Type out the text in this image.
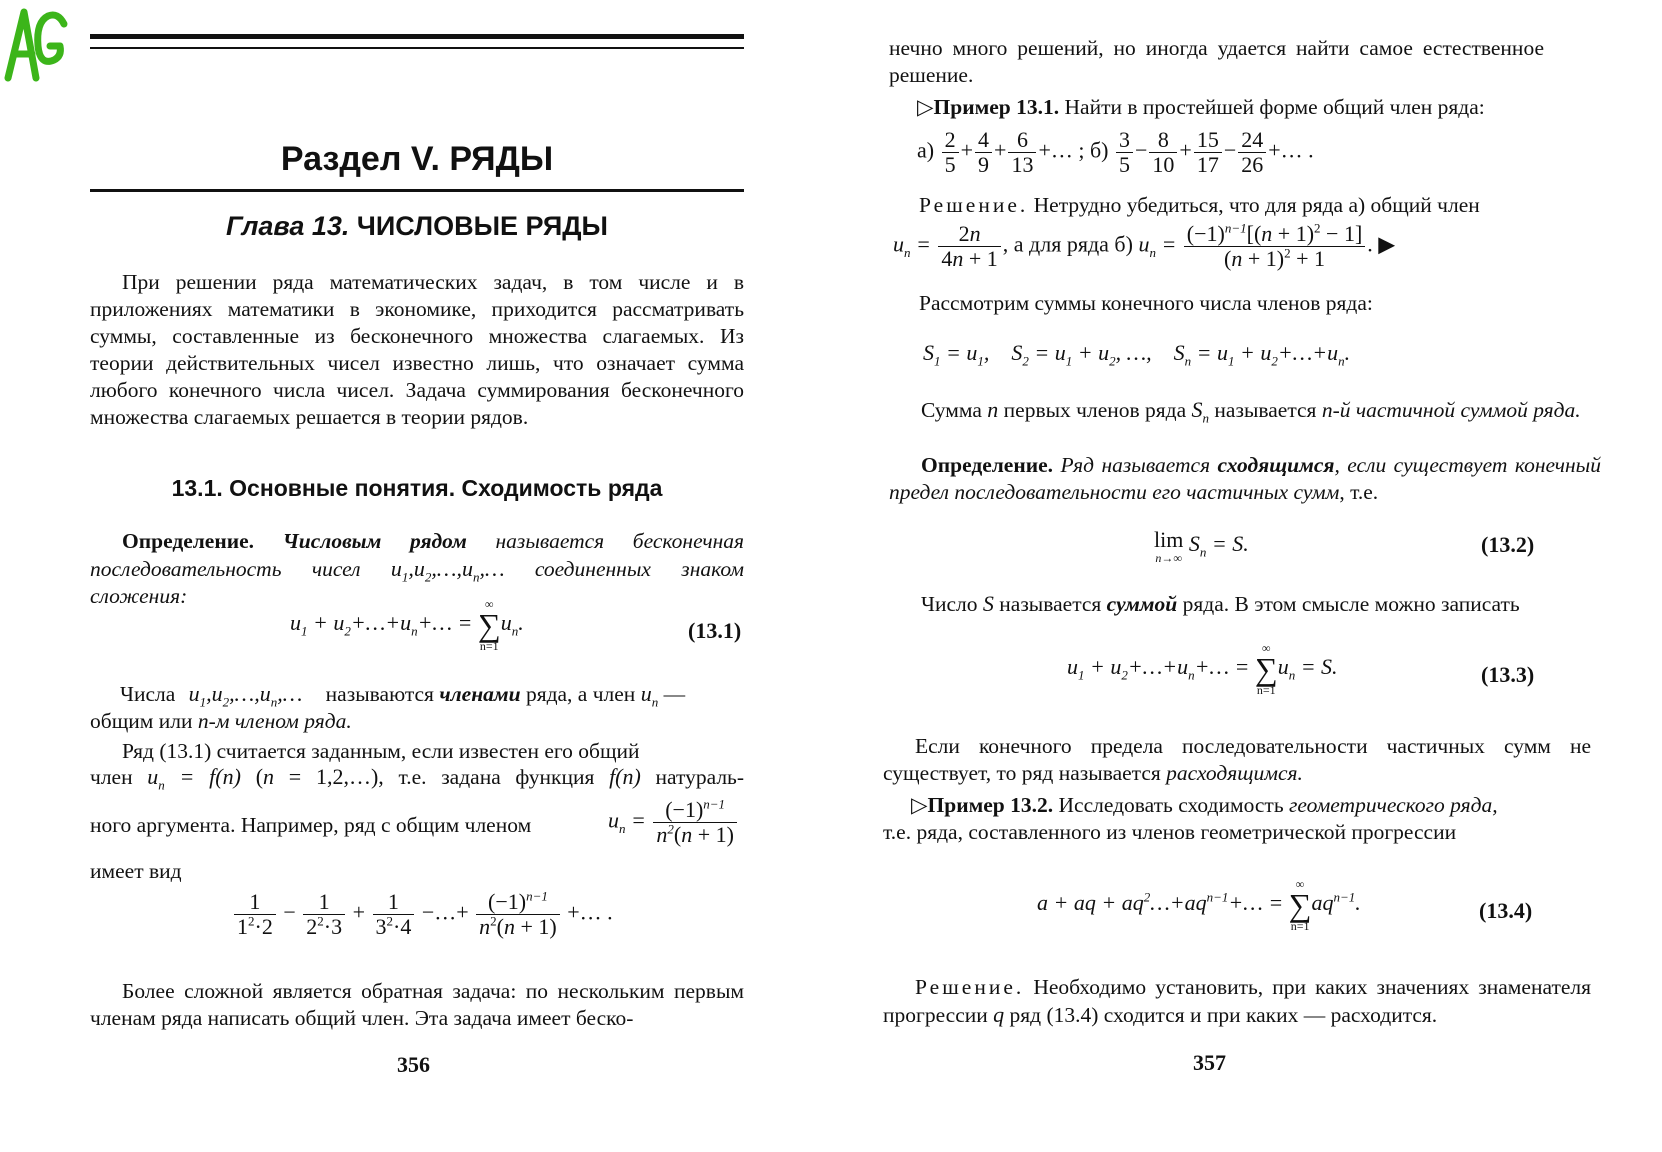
AG
Раздел V. РЯДЫ
Глава 13. ЧИСЛОВЫЕ РЯДЫ

При решении ряда математических задач, в том числе и в приложениях математики в экономике, приходится рассматривать суммы, составленные из бесконечного множества слагаемых. Из теории действительных чисел известно лишь, что означает сумма любого конечного числа чисел. Задача суммирования бесконечного множества слагаемых решается в теории рядов.

13.1. Основные понятия. Сходимость ряда

Определение. Числовым рядом называется бесконечная последовательность чисел $u_1,u_2,\dots,u_n,\dots$ соединенных знаком сложения:

$u_1$ + $u_2+\dots+u_n+\dots$ =
∞
∑
n=1
$u_n$.	(13.1)

Числа $u_1,u_2,\dots,u_n,\dots$ называются членами ряда, а член $u_n$ —
общим или n-м членом ряда.

Ряд (13.1) считается заданным, если известен его общий

член $u_n = f(n) (n$ = 1,2,…), т.е. задана функция f(n) натураль-

ного аргумента. Например, ряд с общим членом	$u_n = \frac{(-1)^{n-1}}{n^2(n + 1)}$
имеет вид
$\frac{1}{1^2\cdot 2} - \frac{1}{2^2\cdot 3} + \frac{1}{3^2\cdot 4}$ −…+ $\frac{(-1)^{n-1}}{n^2(n + 1)}$ +… .

Более сложной является обратная задача: по нескольким первым членам ряда написать общий член. Эта задача имеет беско-

356

нечно много решений, но иногда удается найти самое естественное решение.

▷Пример 13.1. Найти в простейшей форме общий член ряда:

$а) \frac{2}{5} + \frac{4}{9} + \frac{6}{13}$ +… ; $б) \frac{3}{5} - \frac{8}{10} + \frac{15}{17} - \frac{24}{26}$ +… .

Решение. Нетрудно убедиться, что для ряда а) общий член

$u_n = \frac{2n}{4n + 1}$ , а для ряда б) $u_n = \frac{(-1)^{n-1}[(n + 1)^2 - 1]}{(n + 1)^2 + 1}$ . ▶

Рассмотрим суммы конечного числа членов ряда:

$S_1 = u_1$,    $S_2 = u_1 + u_2$, …,    $S_n = u_1$ + $u_2+\dots+u_n$.

Сумма n первых членов ряда $S_n$ называется n-й частичной суммой ряда.

Определение. Ряд называется сходящимся, если существует конечный предел последовательности его частичных сумм, т.е.

lim
n→∞
$S_n = S$.	(13.2)

Число S называется суммой ряда. В этом смысле можно записать

$u_1$ + $u_2+\dots+u_n+\dots$ =
∞
∑
n=1
$u_n = S$.	(13.3)

Если конечного предела последовательности частичных сумм не существует, то ряд называется расходящимся.

▷Пример 13.2. Исследовать сходимость геометрического ряда,
т.е. ряда, составленного из членов геометрической прогрессии

a + aq + $aq^2\dots+aq^{n-1}+\dots$ =
∞
∑
n=1
$aq^{n-1}$.	(13.4)

Решение. Необходимо установить, при каких значениях знаменателя прогрессии q ряд (13.4) сходится и при каких — расходится.

357
